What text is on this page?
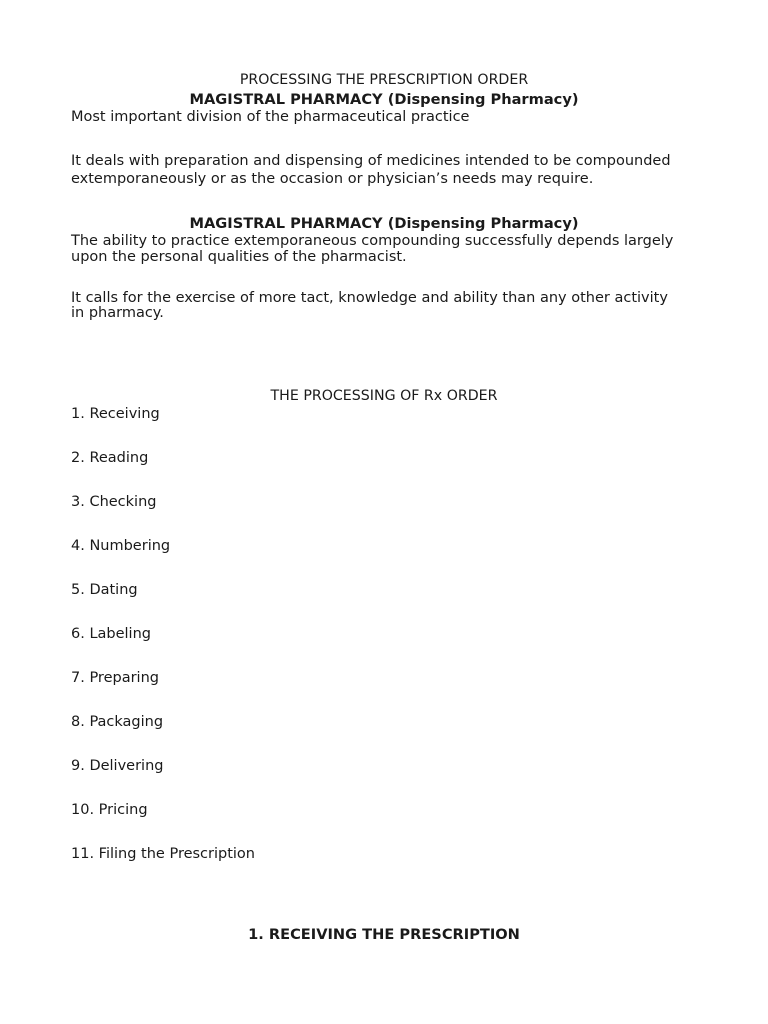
PROCESSING THE PRESCRIPTION ORDER
MAGISTRAL PHARMACY (Dispensing Pharmacy)
Most important division of the pharmaceutical practice
It deals with preparation and dispensing of medicines intended to be compounded
extemporaneously or as the occasion or physician’s needs may require.
MAGISTRAL PHARMACY (Dispensing Pharmacy)
The ability to practice extemporaneous compounding successfully depends largely
upon the personal qualities of the pharmacist.
It calls for the exercise of more tact, knowledge and ability than any other activity
in pharmacy.
THE PROCESSING OF Rx ORDER
1. Receiving
2. Reading
3. Checking
4. Numbering
5. Dating
6. Labeling
7. Preparing
8. Packaging
9. Delivering
10. Pricing
11. Filing the Prescription
1. RECEIVING THE PRESCRIPTION
